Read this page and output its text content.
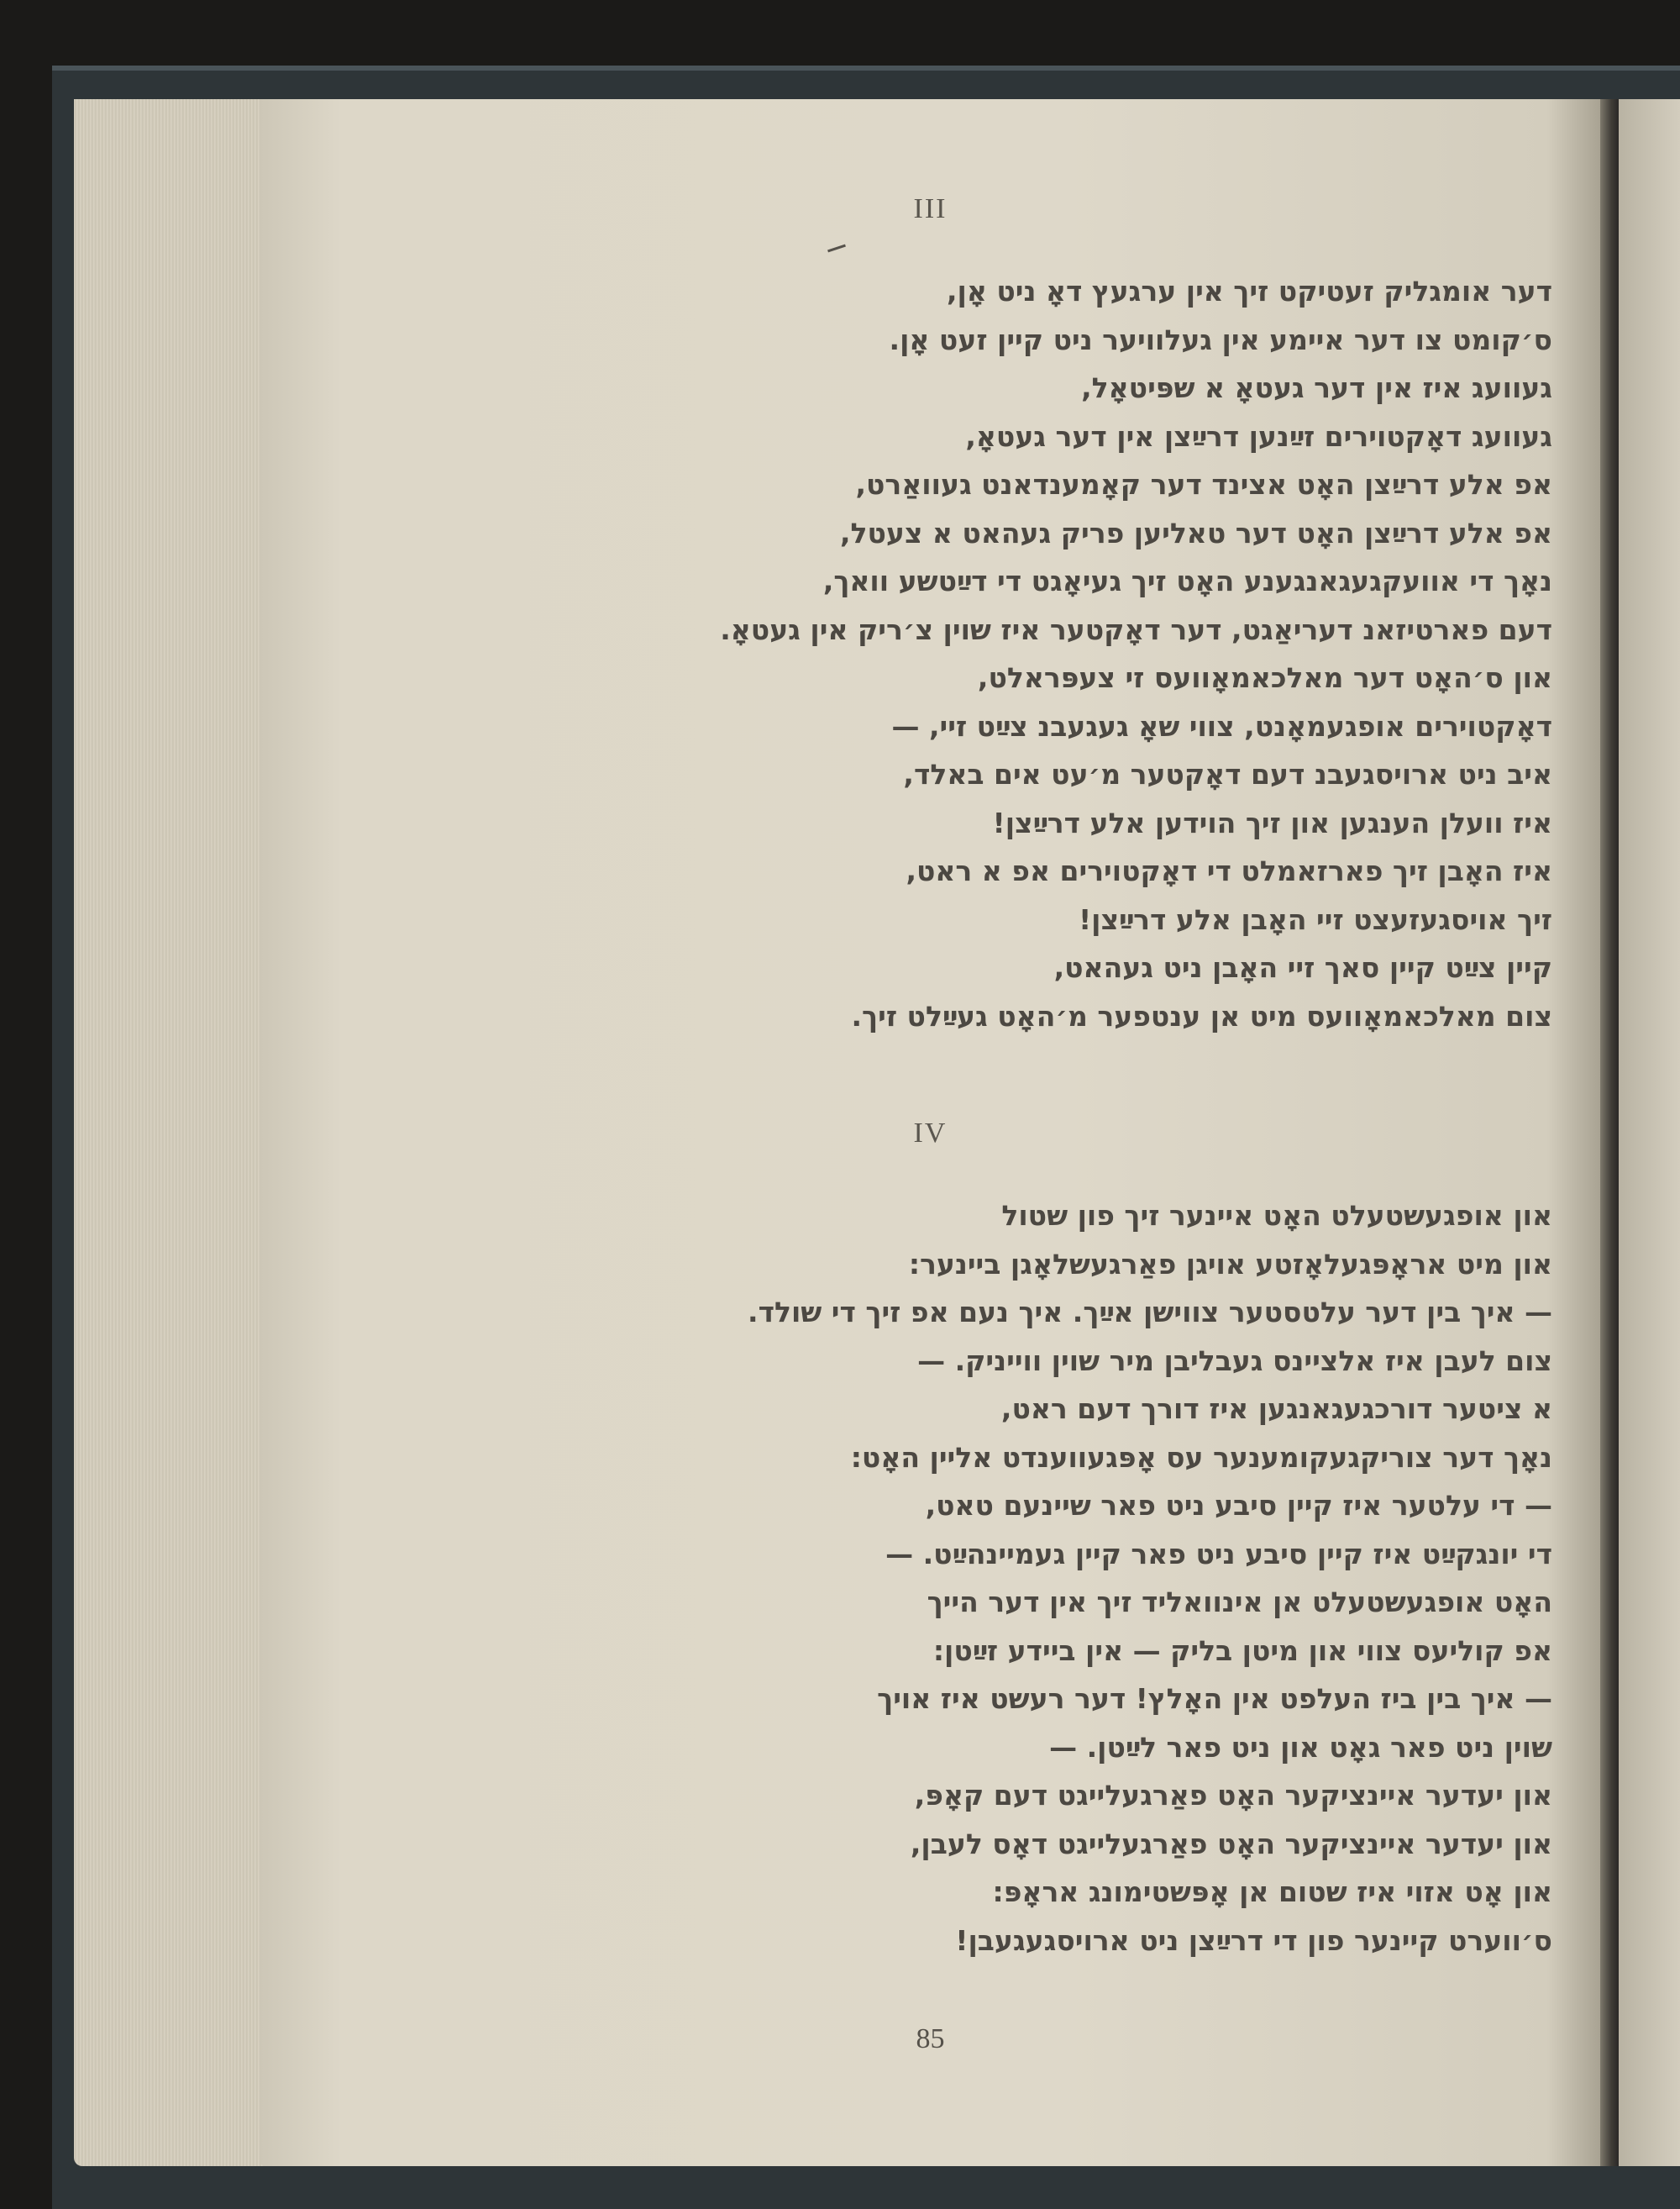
III
דער אומגליק זעטיקט זיך אין ערגעץ דאָ ניט אָן,
ס׳קומט צו דער איימע אין געלוויער ניט קיין זעט אָן.
געוועג איז אין דער געטאָ א שפּיטאָל,
געוועג דאָקטוירים זײַנען דרײַצן אין דער געטאָ,
אפ אלע דרײַצן האָט אצינד דער קאָמענדאנט געוואַרט,
אפ אלע דרײַצן האָט דער טאליען פריק געהאט א צעטל,
נאָך די אוועקגעגאנגענע האָט זיך געיאָגט די דײַטשע וואך,
דעם פארטיזאנ דעריאַגט, דער דאָקטער איז שוין צ׳ריק אין געטאָ.
און ס׳האָט דער מאלכאמאָוועס זי צעפּראלט,
דאָקטוירים אופגעמאָנט, צווי שאָ געגעבנ צײַט זיי, —
איב ניט ארויסגעבנ דעם דאָקטער מ׳עט אים באלד,
איז וועלן הענגען און זיך הוידען אלע דרײַצן!
איז האָבן זיך פארזאמלט די דאָקטוירים אפ א ראט,
זיך אויסגעזעצט זיי האָבן אלע דרײַצן!
קיין צײַט קיין סאך זיי האָבן ניט געהאט,
צום מאלכאמאָוועס מיט אן ענטפער מ׳האָט געײַלט זיך.
IV
און אופגעשטעלט האָט איינער זיך פון שטול
און מיט אראָפּגעלאָזטע אויגן פאַרגעשלאָגן ביינער:
— איך בין דער עלטסטער צווישן אײַך. איך נעם אפ זיך די שולד.
צום לעבן איז אלציינס געבליבן מיר שוין ווייניק. —
א ציטער דורכגעגאנגען איז דורך דעם ראט,
נאָך דער צוריקגעקומענער עס אָפּגעווענדט אליין האָט:
— די עלטער איז קיין סיבע ניט פאר שיינעם טאט,
די יונגקײַט איז קיין סיבע ניט פאר קיין געמיינהײַט. —
האָט אופגעשטעלט אן אינוואליד זיך אין דער הייך
אפ קוליעס צווי און מיטן בליק — אין ביידע זײַטן:
— איך בין ביז העלפט אין האָלץ! דער רעשט איז אויך
שוין ניט פאר גאָט און ניט פאר לײַטן. —
און יעדער איינציקער האָט פאַרגעלייגט דעם קאָפּ,
און יעדער איינציקער האָט פאַרגעלייגט דאָס לעבן,
און אָט אזוי איז שטום אן אָפּשטימונג אראָפּ:
ס׳ווערט קיינער פון די דרײַצן ניט ארויסגעגעבן!
85
